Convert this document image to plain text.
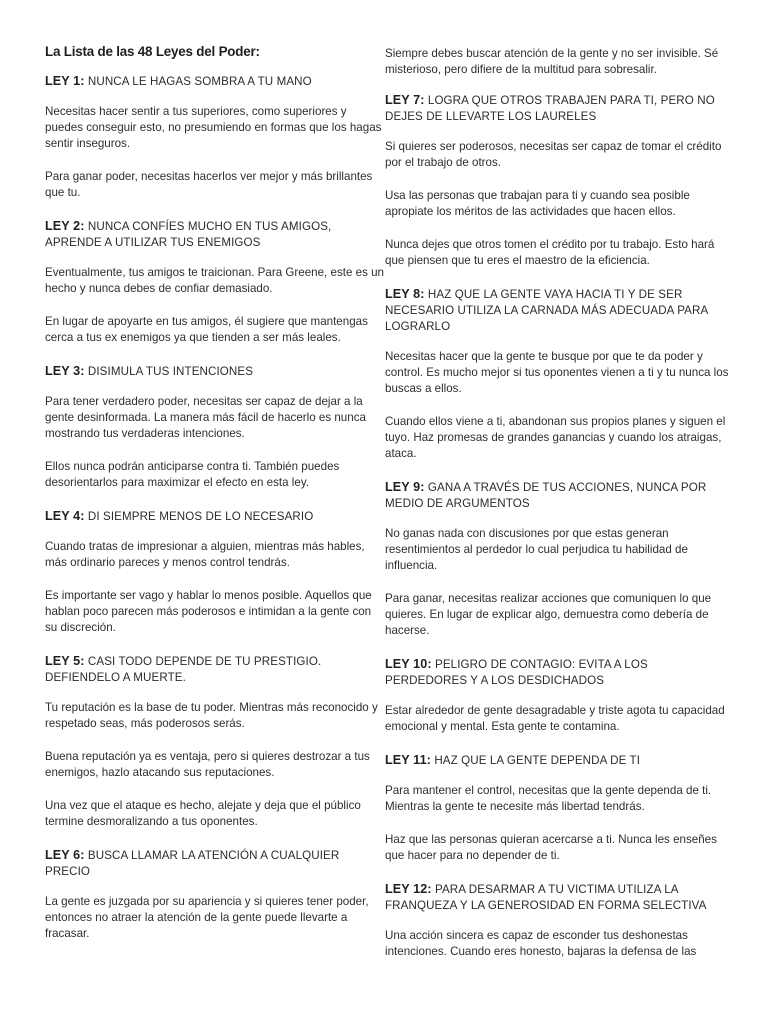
La Lista de las 48 Leyes del Poder:
LEY 1: NUNCA LE HAGAS SOMBRA A TU MANO
Necesitas hacer sentir a tus superiores, como superiores y puedes conseguir esto, no presumiendo en formas que los hagas sentir inseguros.
Para ganar poder, necesitas hacerlos ver mejor y más brillantes que tu.
LEY 2: NUNCA CONFÍES MUCHO EN TUS AMIGOS, APRENDE A UTILIZAR TUS ENEMIGOS
Eventualmente, tus amigos te traicionan. Para Greene, este es un hecho y nunca debes de confiar demasiado.
En lugar de apoyarte en tus amigos, él sugiere que mantengas cerca a tus ex enemigos ya que tienden a ser más leales.
LEY 3: DISIMULA TUS INTENCIONES
Para tener verdadero poder, necesitas ser capaz de dejar a la gente desinformada. La manera más fácil de hacerlo es nunca mostrando tus verdaderas intenciones.
Ellos nunca podrán anticiparse contra ti. También puedes desorientarlos para maximizar el efecto en esta ley.
LEY 4: DI SIEMPRE MENOS DE LO NECESARIO
Cuando tratas de impresionar a alguien, mientras más hables, más ordinario pareces y menos control tendrás.
Es importante ser vago y hablar lo menos posible. Aquellos que hablan poco parecen más poderosos e intimidan a la gente con su discreción.
LEY 5: CASI TODO DEPENDE DE TU PRESTIGIO. DEFIENDELO A MUERTE.
Tu reputación es la base de tu poder. Mientras más reconocido y respetado seas, más poderosos serás.
Buena reputación ya es ventaja, pero si quieres destrozar a tus enemigos, hazlo atacando sus reputaciones.
Una vez que el ataque es hecho, alejate y deja que el público termine desmoralizando a tus oponentes.
LEY 6: BUSCA LLAMAR LA ATENCIÓN A CUALQUIER PRECIO
La gente es juzgada por su apariencia y si quieres tener poder, entonces no atraer la atención de la gente puede llevarte a fracasar.
Siempre debes buscar atención de la gente y no ser invisible. Sé misterioso, pero difiere de la multitud para sobresalir.
LEY 7: LOGRA QUE OTROS TRABAJEN PARA TI, PERO NO DEJES DE LLEVARTE LOS LAURELES
Si quieres ser poderosos, necesitas ser capaz de tomar el crédito por el trabajo de otros.
Usa las personas que trabajan para ti y cuando sea posible apropiate los méritos de las actividades que hacen ellos.
Nunca dejes que otros tomen el crédito por tu trabajo. Esto hará que piensen que tu eres el maestro de la eficiencia.
LEY 8: HAZ QUE LA GENTE VAYA HACIA TI Y DE SER NECESARIO UTILIZA LA CARNADA MÁS ADECUADA PARA LOGRARLO
Necesitas hacer que la gente te busque por que te da poder y control. Es mucho mejor si tus oponentes vienen a ti y tu nunca los buscas a ellos.
Cuando ellos viene a ti, abandonan sus propios planes y siguen el tuyo. Haz promesas de grandes ganancias y cuando los atraigas, ataca.
LEY 9: GANA A TRAVÉS DE TUS ACCIONES, NUNCA POR MEDIO DE ARGUMENTOS
No ganas nada con discusiones por que estas generan resentimientos al perdedor lo cual perjudica tu habilidad de influencia.
Para ganar, necesitas realizar acciones que comuniquen lo que quieres. En lugar de explicar algo, demuestra como debería de hacerse.
LEY 10: PELIGRO DE CONTAGIO: EVITA A LOS PERDEDORES Y A LOS DESDICHADOS
Estar alrededor de gente desagradable y triste agota tu capacidad emocional y mental. Esta gente te contamina.
LEY 11: HAZ QUE LA GENTE DEPENDA DE TI
Para mantener el control, necesitas que la gente dependa de ti. Mientras la gente te necesite más libertad tendrás.
Haz que las personas quieran acercarse a ti. Nunca les enseñes que hacer para no depender de ti.
LEY 12: PARA DESARMAR A TU VICTIMA UTILIZA LA FRANQUEZA Y LA GENEROSIDAD EN FORMA SELECTIVA
Una acción sincera es capaz de esconder tus deshonestas intenciones. Cuando eres honesto, bajaras la defensa de las
